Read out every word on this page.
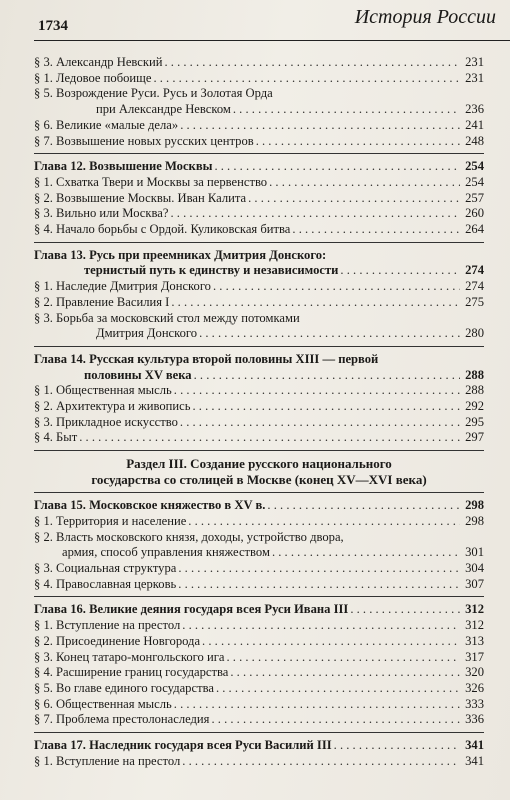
1734	История России
§ 3. Александр Невский . . .	231
§ 1. Ледовое побоище . . .	231
§ 5. Возрождение Руси. Русь и Золотая Орда
при Александре Невском . . .	236
§ 6. Великие «малые дела» . . .	241
§ 7. Возвышение новых русских центров . . .	248
Глава 12. Возвышение Москвы . . .	254
§ 1. Схватка Твери и Москвы за первенство . . .	254
§ 2. Возвышение Москвы. Иван Калита . . .	257
§ 3. Вильно или Москва? . . .	260
§ 4. Начало борьбы с Ордой. Куликовская битва . . .	264
Глава 13. Русь при преемниках Дмитрия Донского:
тернистый путь к единству и независимости . . .	274
§ 1. Наследие Дмитрия Донского . . .	274
§ 2. Правление Василия I . . .	275
§ 3. Борьба за московский стол между потомками
Дмитрия Донского . . .	280
Глава 14. Русская культура второй половины XIII — первой
половины XV века . . .	288
§ 1. Общественная мысль . . .	288
§ 2. Архитектура и живопись . . .	292
§ 3. Прикладное искусство . . .	295
§ 4. Быт . . .	297
Раздел III. Создание русского национального
государства со столицей в Москве (конец XV—XVI века)
Глава 15. Московское княжество в XV в. . . .	298
§ 1. Территория и население . . .	298
§ 2. Власть московского князя, доходы, устройство двора,
армия, способ управления княжеством . . .	301
§ 3. Социальная структура . . .	304
§ 4. Православная церковь . . .	307
Глава 16. Великие деяния государя всея Руси Ивана III . . .	312
§ 1. Вступление на престол . . .	312
§ 2. Присоединение Новгорода . . .	313
§ 3. Конец татаро-монгольского ига . . .	317
§ 4. Расширение границ государства . . .	320
§ 5. Во главе единого государства . . .	326
§ 6. Общественная мысль . . .	333
§ 7. Проблема престолонаследия . . .	336
Глава 17. Наследник государя всея Руси Василий III . . .	341
§ 1. Вступление на престол . . .	341
